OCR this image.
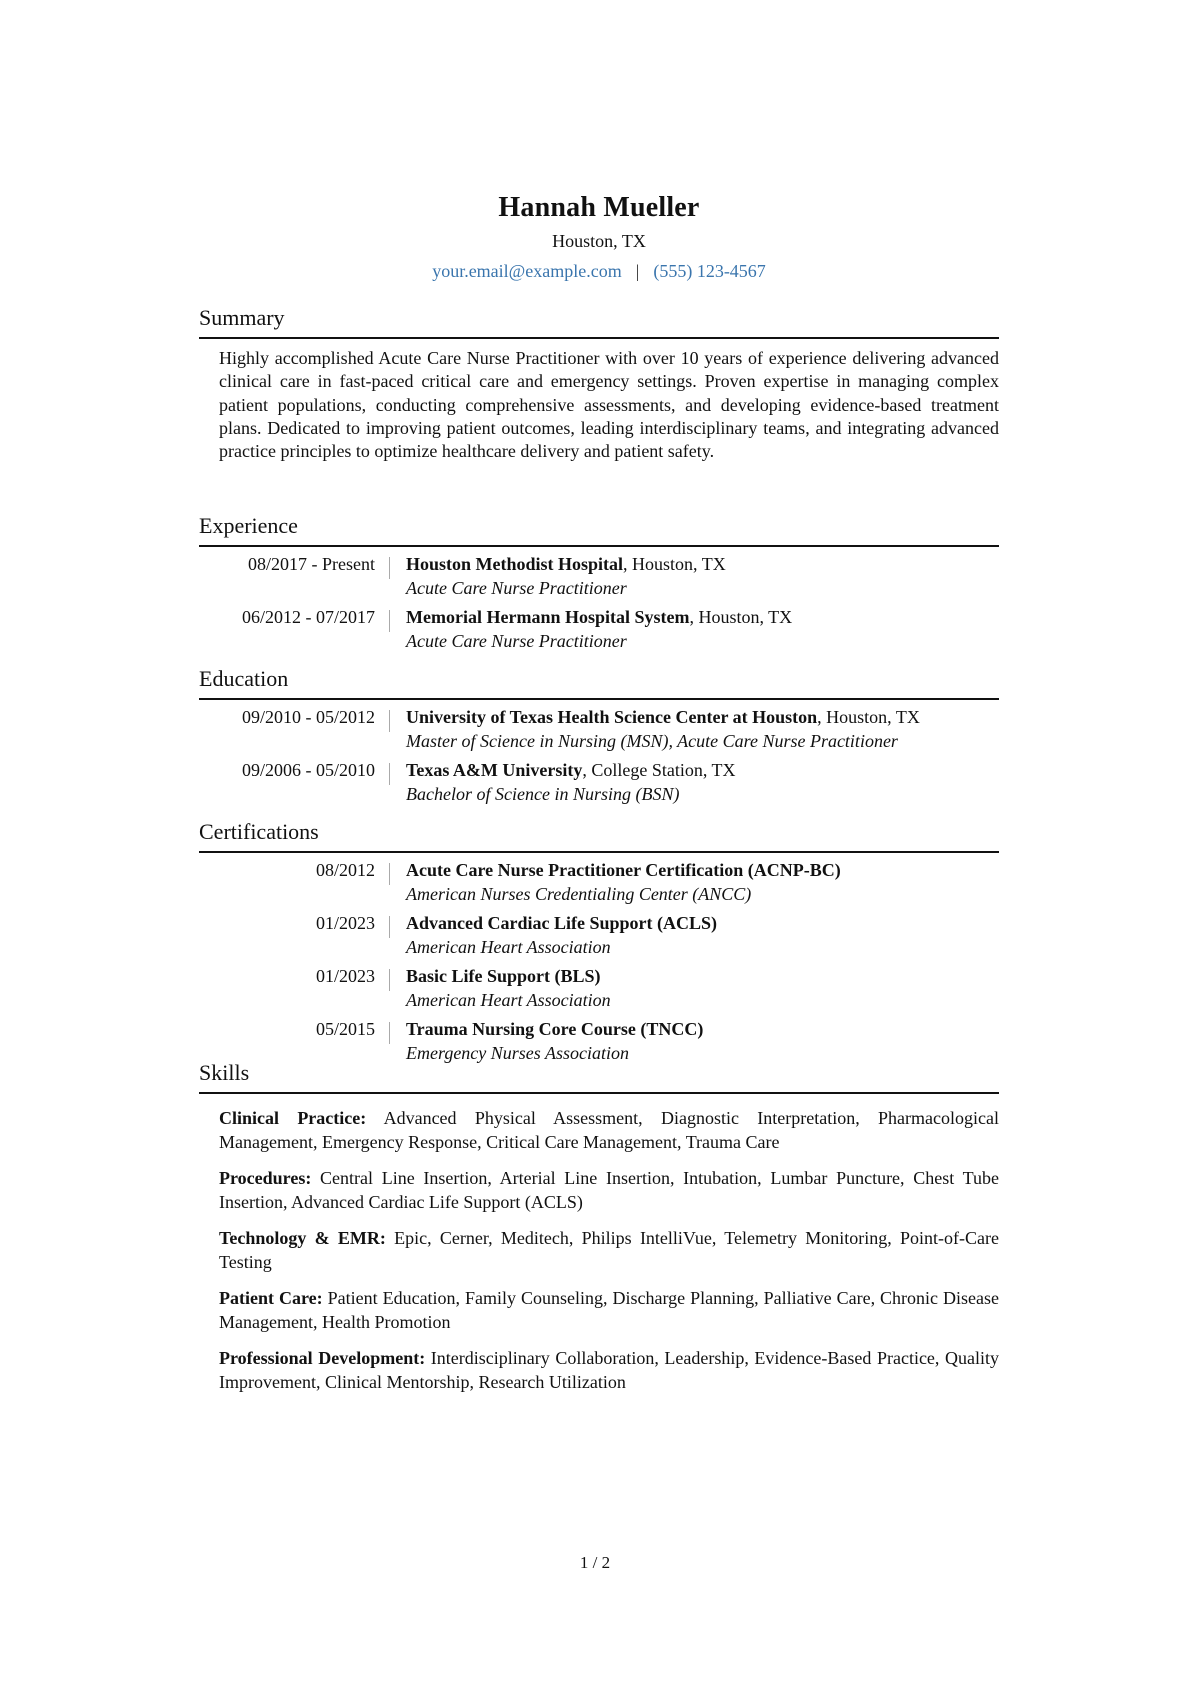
Hannah Mueller
Houston, TX
your.email@example.com | (555) 123-4567
Summary
Highly accomplished Acute Care Nurse Practitioner with over 10 years of experience delivering advanced clinical care in fast-paced critical care and emergency settings. Proven expertise in managing complex patient populations, conducting comprehensive assessments, and developing evidence-based treatment plans. Dedicated to improving patient outcomes, leading interdisciplinary teams, and integrating advanced practice principles to optimize healthcare delivery and patient safety.
Experience
08/2017 - Present	Houston Methodist Hospital, Houston, TX
Acute Care Nurse Practitioner
06/2012 - 07/2017	Memorial Hermann Hospital System, Houston, TX
Acute Care Nurse Practitioner
Education
09/2010 - 05/2012	University of Texas Health Science Center at Houston, Houston, TX
Master of Science in Nursing (MSN), Acute Care Nurse Practitioner
09/2006 - 05/2010	Texas A&M University, College Station, TX
Bachelor of Science in Nursing (BSN)
Certifications
08/2012	Acute Care Nurse Practitioner Certification (ACNP-BC)
American Nurses Credentialing Center (ANCC)
01/2023	Advanced Cardiac Life Support (ACLS)
American Heart Association
01/2023	Basic Life Support (BLS)
American Heart Association
05/2015	Trauma Nursing Core Course (TNCC)
Emergency Nurses Association
Skills
Clinical Practice: Advanced Physical Assessment, Diagnostic Interpretation, Pharmacological Management, Emergency Response, Critical Care Management, Trauma Care
Procedures: Central Line Insertion, Arterial Line Insertion, Intubation, Lumbar Puncture, Chest Tube Insertion, Advanced Cardiac Life Support (ACLS)
Technology & EMR: Epic, Cerner, Meditech, Philips IntelliVue, Telemetry Monitoring, Point-of-Care Testing
Patient Care: Patient Education, Family Counseling, Discharge Planning, Palliative Care, Chronic Disease Management, Health Promotion
Professional Development: Interdisciplinary Collaboration, Leadership, Evidence-Based Practice, Quality Improvement, Clinical Mentorship, Research Utilization
1 / 2
